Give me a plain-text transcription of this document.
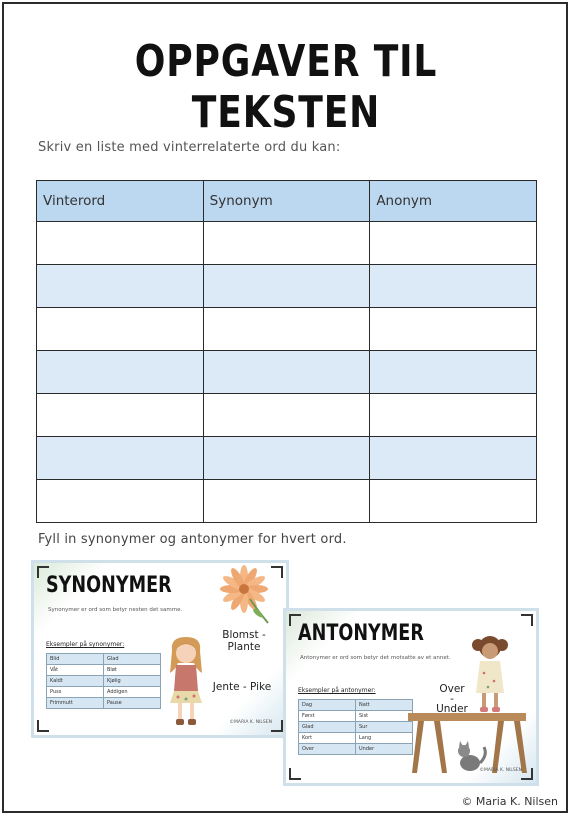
OPPGAVER TIL TEKSTEN
Skriv en liste med vinterrelaterte ord du kan:
Vinterord	Synonym	Anonym

Fyll in synonymer og antonymer for hvert ord.
SYNONYMER
Synonymer er ord som betyr nesten det samme.
Eksempler på synonymer:
Blid	Glad
Våt	Bløt
Kaldt	Kjølig
Puss	Addigen
Frimmutt	Pause
Blomst - Plante
Jente - Pike
©MARIA K. NILSEN
ANTONYMER
Antonymer er ord som betyr det motsatte av et annet.
Eksempler på antonymer:
Dag	Natt
Først	Sist
Glad	Sur
Kort	Lang
Over	Under
Over
-
Under
©MARIA K. NILSEN
© Maria K. Nilsen
